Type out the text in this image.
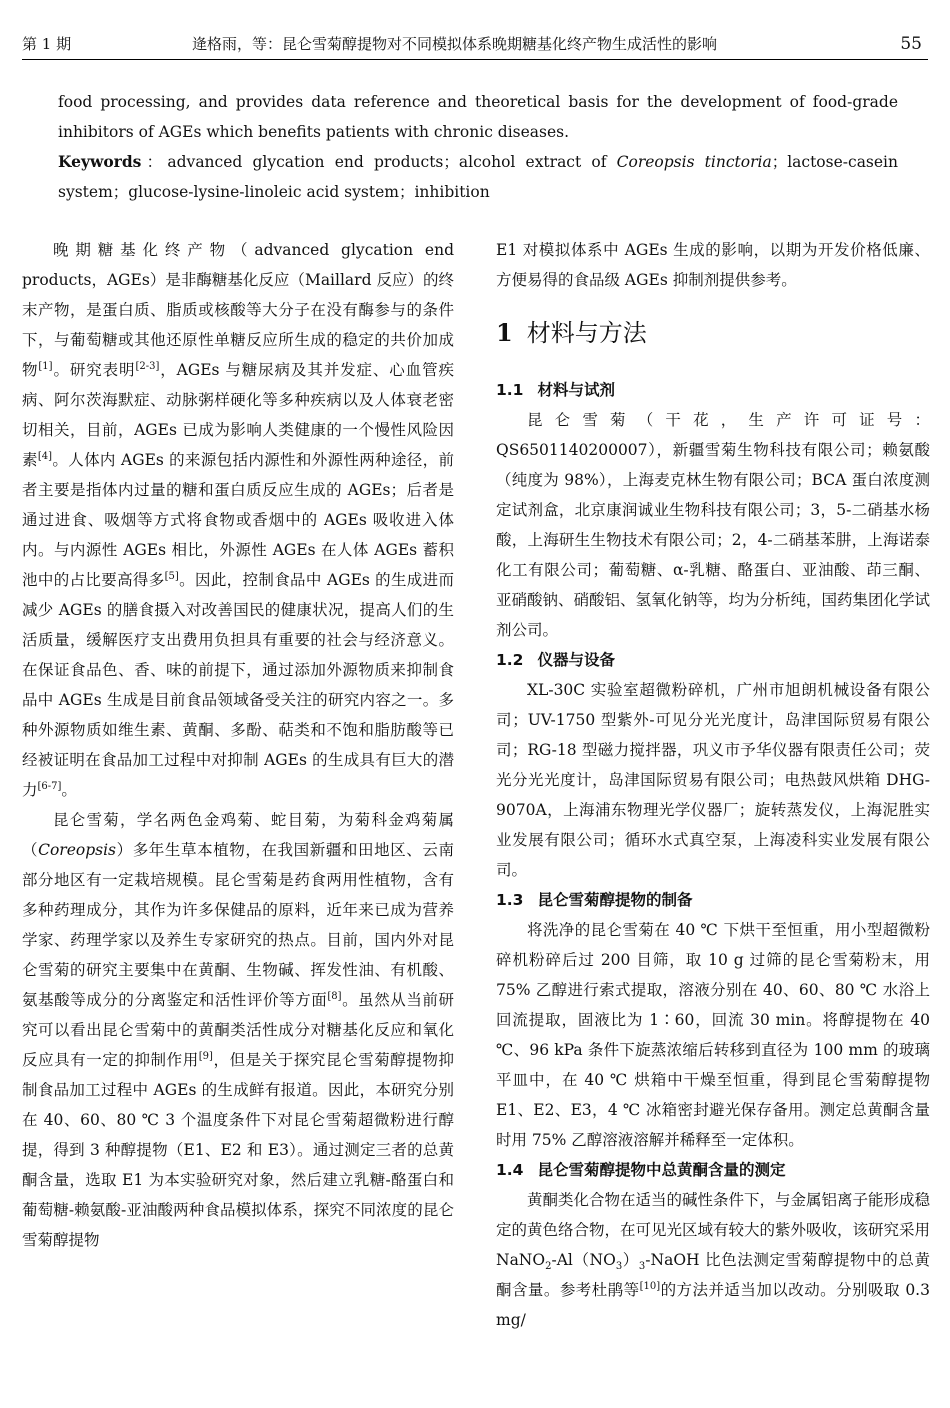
第 1 期	逄格雨，等：昆仑雪菊醇提物对不同模拟体系晚期糖基化终产物生成活性的影响	55

food processing, and provides data reference and theoretical basis for the development of food-grade inhibitors of AGEs which benefits patients with chronic diseases.

Keywords：advanced glycation end products；alcohol extract of Coreopsis tinctoria；lactose-casein system；glucose-lysine-linoleic acid system；inhibition

晚期糖基化终产物（advanced glycation end products，AGEs）是非酶糖基化反应（Maillard 反应）的终末产物，是蛋白质、脂质或核酸等大分子在没有酶参与的条件下，与葡萄糖或其他还原性单糖反应所生成的稳定的共价加成物[1]。研究表明[2-3]，AGEs 与糖尿病及其并发症、心血管疾病、阿尔茨海默症、动脉粥样硬化等多种疾病以及人体衰老密切相关，目前，AGEs 已成为影响人类健康的一个慢性风险因素[4]。人体内 AGEs 的来源包括内源性和外源性两种途径，前者主要是指体内过量的糖和蛋白质反应生成的 AGEs；后者是通过进食、吸烟等方式将食物或香烟中的 AGEs 吸收进入体内。与内源性 AGEs 相比，外源性 AGEs 在人体 AGEs 蓄积池中的占比要高得多[5]。因此，控制食品中 AGEs 的生成进而减少 AGEs 的膳食摄入对改善国民的健康状况，提高人们的生活质量，缓解医疗支出费用负担具有重要的社会与经济意义。在保证食品色、香、味的前提下，通过添加外源物质来抑制食品中 AGEs 生成是目前食品领域备受关注的研究内容之一。多种外源物质如维生素、黄酮、多酚、萜类和不饱和脂肪酸等已经被证明在食品加工过程中对抑制 AGEs 的生成具有巨大的潜力[6-7]。

昆仑雪菊，学名两色金鸡菊、蛇目菊，为菊科金鸡菊属（Coreopsis）多年生草本植物，在我国新疆和田地区、云南部分地区有一定栽培规模。昆仑雪菊是药食两用性植物，含有多种药理成分，其作为许多保健品的原料，近年来已成为营养学家、药理学家以及养生专家研究的热点。目前，国内外对昆仑雪菊的研究主要集中在黄酮、生物碱、挥发性油、有机酸、氨基酸等成分的分离鉴定和活性评价等方面[8]。虽然从当前研究可以看出昆仑雪菊中的黄酮类活性成分对糖基化反应和氧化反应具有一定的抑制作用[9]，但是关于探究昆仑雪菊醇提物抑制食品加工过程中 AGEs 的生成鲜有报道。因此，本研究分别在 40、60、80 ℃ 3 个温度条件下对昆仑雪菊超微粉进行醇提，得到 3 种醇提物（E1、E2 和 E3）。通过测定三者的总黄酮含量，选取 E1 为本实验研究对象，然后建立乳糖-酪蛋白和葡萄糖-赖氨酸-亚油酸两种食品模拟体系，探究不同浓度的昆仑雪菊醇提物

E1 对模拟体系中 AGEs 生成的影响，以期为开发价格低廉、方便易得的食品级 AGEs 抑制剂提供参考。

1 材料与方法
1.1 材料与试剂

昆仑雪菊（干花，生产许可证号：QS6501140200007），新疆雪菊生物科技有限公司；赖氨酸（纯度为 98%），上海麦克林生物有限公司；BCA 蛋白浓度测定试剂盒，北京康润诚业生物科技有限公司；3，5-二硝基水杨酸，上海研生生物技术有限公司；2，4-二硝基苯肼，上海诺泰化工有限公司；葡萄糖、α-乳糖、酪蛋白、亚油酸、茚三酮、亚硝酸钠、硝酸铝、氢氧化钠等，均为分析纯，国药集团化学试剂公司。

1.2 仪器与设备

XL-30C 实验室超微粉碎机，广州市旭朗机械设备有限公司；UV-1750 型紫外-可见分光光度计，岛津国际贸易有限公司；RG-18 型磁力搅拌器，巩义市予华仪器有限责任公司；荧光分光光度计，岛津国际贸易有限公司；电热鼓风烘箱 DHG-9070A，上海浦东物理光学仪器厂；旋转蒸发仪，上海泥胜实业发展有限公司；循环水式真空泵，上海凌科实业发展有限公司。

1.3 昆仑雪菊醇提物的制备

将洗净的昆仑雪菊在 40 ℃ 下烘干至恒重，用小型超微粉碎机粉碎后过 200 目筛，取 10 g 过筛的昆仑雪菊粉末，用 75% 乙醇进行索式提取，溶液分别在 40、60、80 ℃ 水浴上回流提取，固液比为 1∶60，回流 30 min。将醇提物在 40 ℃、96 kPa 条件下旋蒸浓缩后转移到直径为 100 mm 的玻璃平皿中，在 40 ℃ 烘箱中干燥至恒重，得到昆仑雪菊醇提物 E1、E2、E3，4 ℃ 冰箱密封避光保存备用。测定总黄酮含量时用 75% 乙醇溶液溶解并稀释至一定体积。

1.4 昆仑雪菊醇提物中总黄酮含量的测定

黄酮类化合物在适当的碱性条件下，与金属铝离子能形成稳定的黄色络合物，在可见光区域有较大的紫外吸收，该研究采用 $NaNO_2-Al(NO_3)_3$-NaOH 比色法测定雪菊醇提物中的总黄酮含量。参考杜鹃等[10]的方法并适当加以改动。分别吸取 0.3 mg/
